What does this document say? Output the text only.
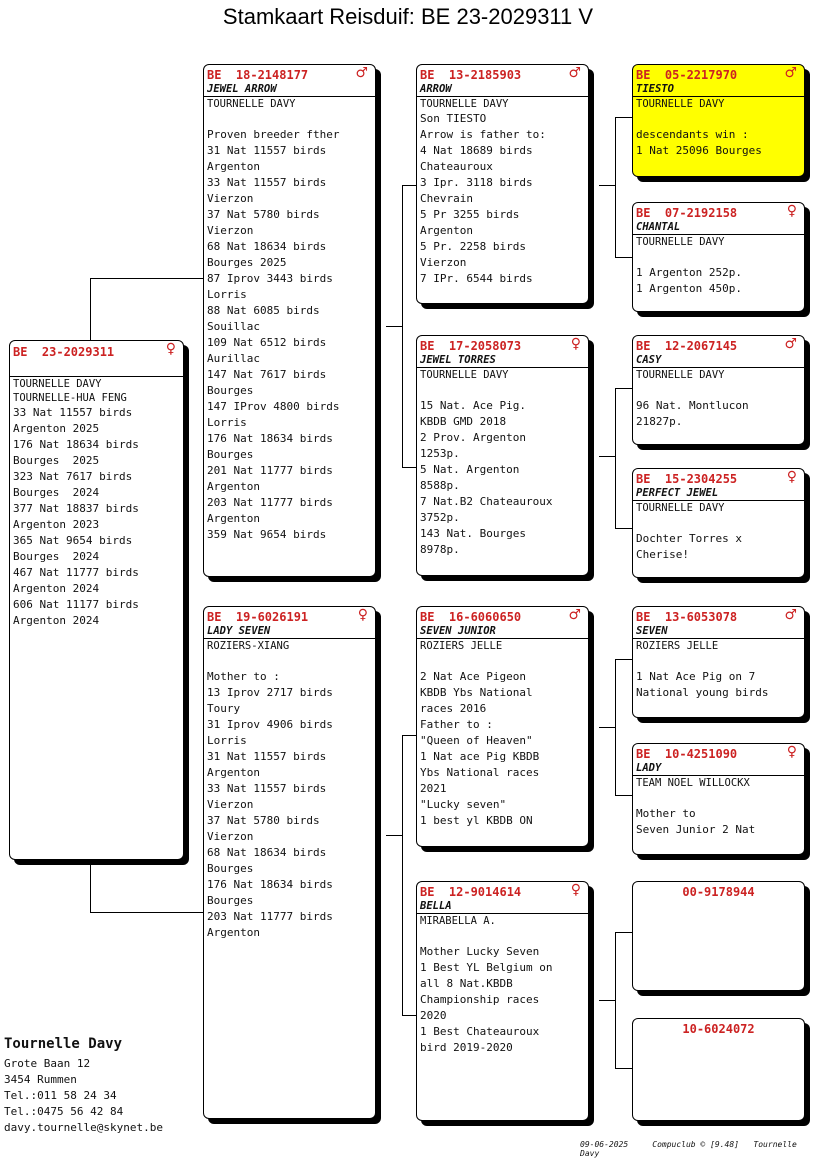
Stamkaart Reisduif: BE 23-2029311 V
BE  23-2029311	♀
TOURNELLE DAVY
TOURNELLE-HUA FENG
33 Nat 11557 birds
Argenton 2025
176 Nat 18634 birds
Bourges  2025
323 Nat 7617 birds
Bourges  2024
377 Nat 18837 birds
Argenton 2023
365 Nat 9654 birds
Bourges  2024
467 Nat 11777 birds
Argenton 2024
606 Nat 11177 birds
Argenton 2024
BE  18-2148177	♂
JEWEL ARROW
TOURNELLE DAVY

Proven breeder fther
31 Nat 11557 birds
Argenton
33 Nat 11557 birds
Vierzon
37 Nat 5780 birds
Vierzon
68 Nat 18634 birds
Bourges 2025
87 Iprov 3443 birds
Lorris
88 Nat 6085 birds
Souillac
109 Nat 6512 birds
Aurillac
147 Nat 7617 birds
Bourges
147 IProv 4800 birds
Lorris
176 Nat 18634 birds
Bourges
201 Nat 11777 birds
Argenton
203 Nat 11777 birds
Argenton
359 Nat 9654 birds
BE  19-6026191	♀
LADY SEVEN
ROZIERS-XIANG

Mother to :
13 Iprov 2717 birds
Toury
31 Iprov 4906 birds
Lorris
31 Nat 11557 birds
Argenton
33 Nat 11557 birds
Vierzon
37 Nat 5780 birds
Vierzon
68 Nat 18634 birds
Bourges
176 Nat 18634 birds
Bourges
203 Nat 11777 birds
Argenton
BE  13-2185903	♂
ARROW
TOURNELLE DAVY
Son TIESTO
Arrow is father to:
4 Nat 18689 birds
Chateauroux
3 Ipr. 3118 birds
Chevrain
5 Pr 3255 birds
Argenton
5 Pr. 2258 birds
Vierzon
7 IPr. 6544 birds
BE  17-2058073	♀
JEWEL TORRES
TOURNELLE DAVY

15 Nat. Ace Pig.
KBDB GMD 2018
2 Prov. Argenton
1253p.
5 Nat. Argenton
8588p.
7 Nat.B2 Chateauroux
3752p.
143 Nat. Bourges
8978p.
BE  16-6060650	♂
SEVEN JUNIOR
ROZIERS JELLE

2 Nat Ace Pigeon
KBDB Ybs National
races 2016
Father to :
"Queen of Heaven"
1 Nat ace Pig KBDB
Ybs National races
2021
"Lucky seven"
1 best yl KBDB ON
BE  12-9014614	♀
BELLA
MIRABELLA A.

Mother Lucky Seven
1 Best YL Belgium on
all 8 Nat.KBDB
Championship races
2020
1 Best Chateauroux
bird 2019-2020
BE  05-2217970	♂
TIESTO
TOURNELLE DAVY

descendants win :
1 Nat 25096 Bourges
BE  07-2192158	♀
CHANTAL
TOURNELLE DAVY

1 Argenton 252p.
1 Argenton 450p.
BE  12-2067145	♂
CASY
TOURNELLE DAVY

96 Nat. Montlucon
21827p.
BE  15-2304255	♀
PERFECT JEWEL
TOURNELLE DAVY

Dochter Torres x
Cherise!
BE  13-6053078	♂
SEVEN
ROZIERS JELLE

1 Nat Ace Pig on 7
National young birds
BE  10-4251090	♀
LADY
TEAM NOEL WILLOCKX

Mother to
Seven Junior 2 Nat
00-9178944
10-6024072
Tournelle Davy
Grote Baan 12
3454 Rummen
Tel.:011 58 24 34
Tel.:0475 56 42 84
davy.tournelle@skynet.be
09-06-2025	Compuclub © [9.48] Tournelle Davy
